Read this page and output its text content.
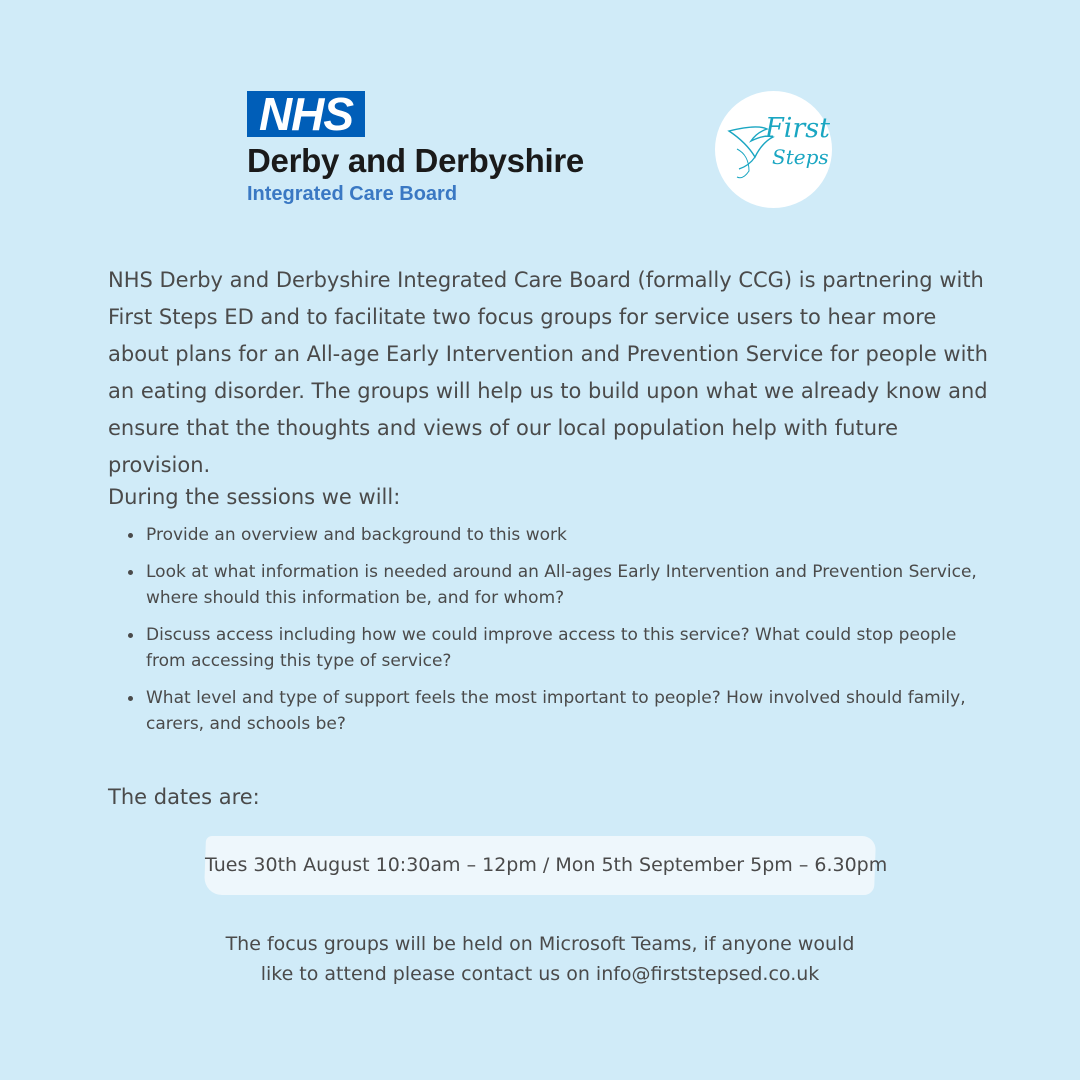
NHS
Derby and Derbyshire
Integrated Care Board
First
Steps

NHS Derby and Derbyshire Integrated Care Board (formally CCG) is partnering with First Steps ED and to facilitate two focus groups for service users to hear more about plans for an All-age Early Intervention and Prevention Service for people with an eating disorder. The groups will help us to build upon what we already know and ensure that the thoughts and views of our local population help with future provision.

During the sessions we will:

Provide an overview and background to this work
Look at what information is needed around an All-ages Early Intervention and Prevention Service, where should this information be, and for whom?
Discuss access including how we could improve access to this service? What could stop people from accessing this type of service?
What level and type of support feels the most important to people? How involved should family, carers, and schools be?

The dates are:

Tues 30th August 10:30am – 12pm / Mon 5th September 5pm – 6.30pm

The focus groups will be held on Microsoft Teams, if anyone would
like to attend please contact us on info@firststepsed.co.uk
